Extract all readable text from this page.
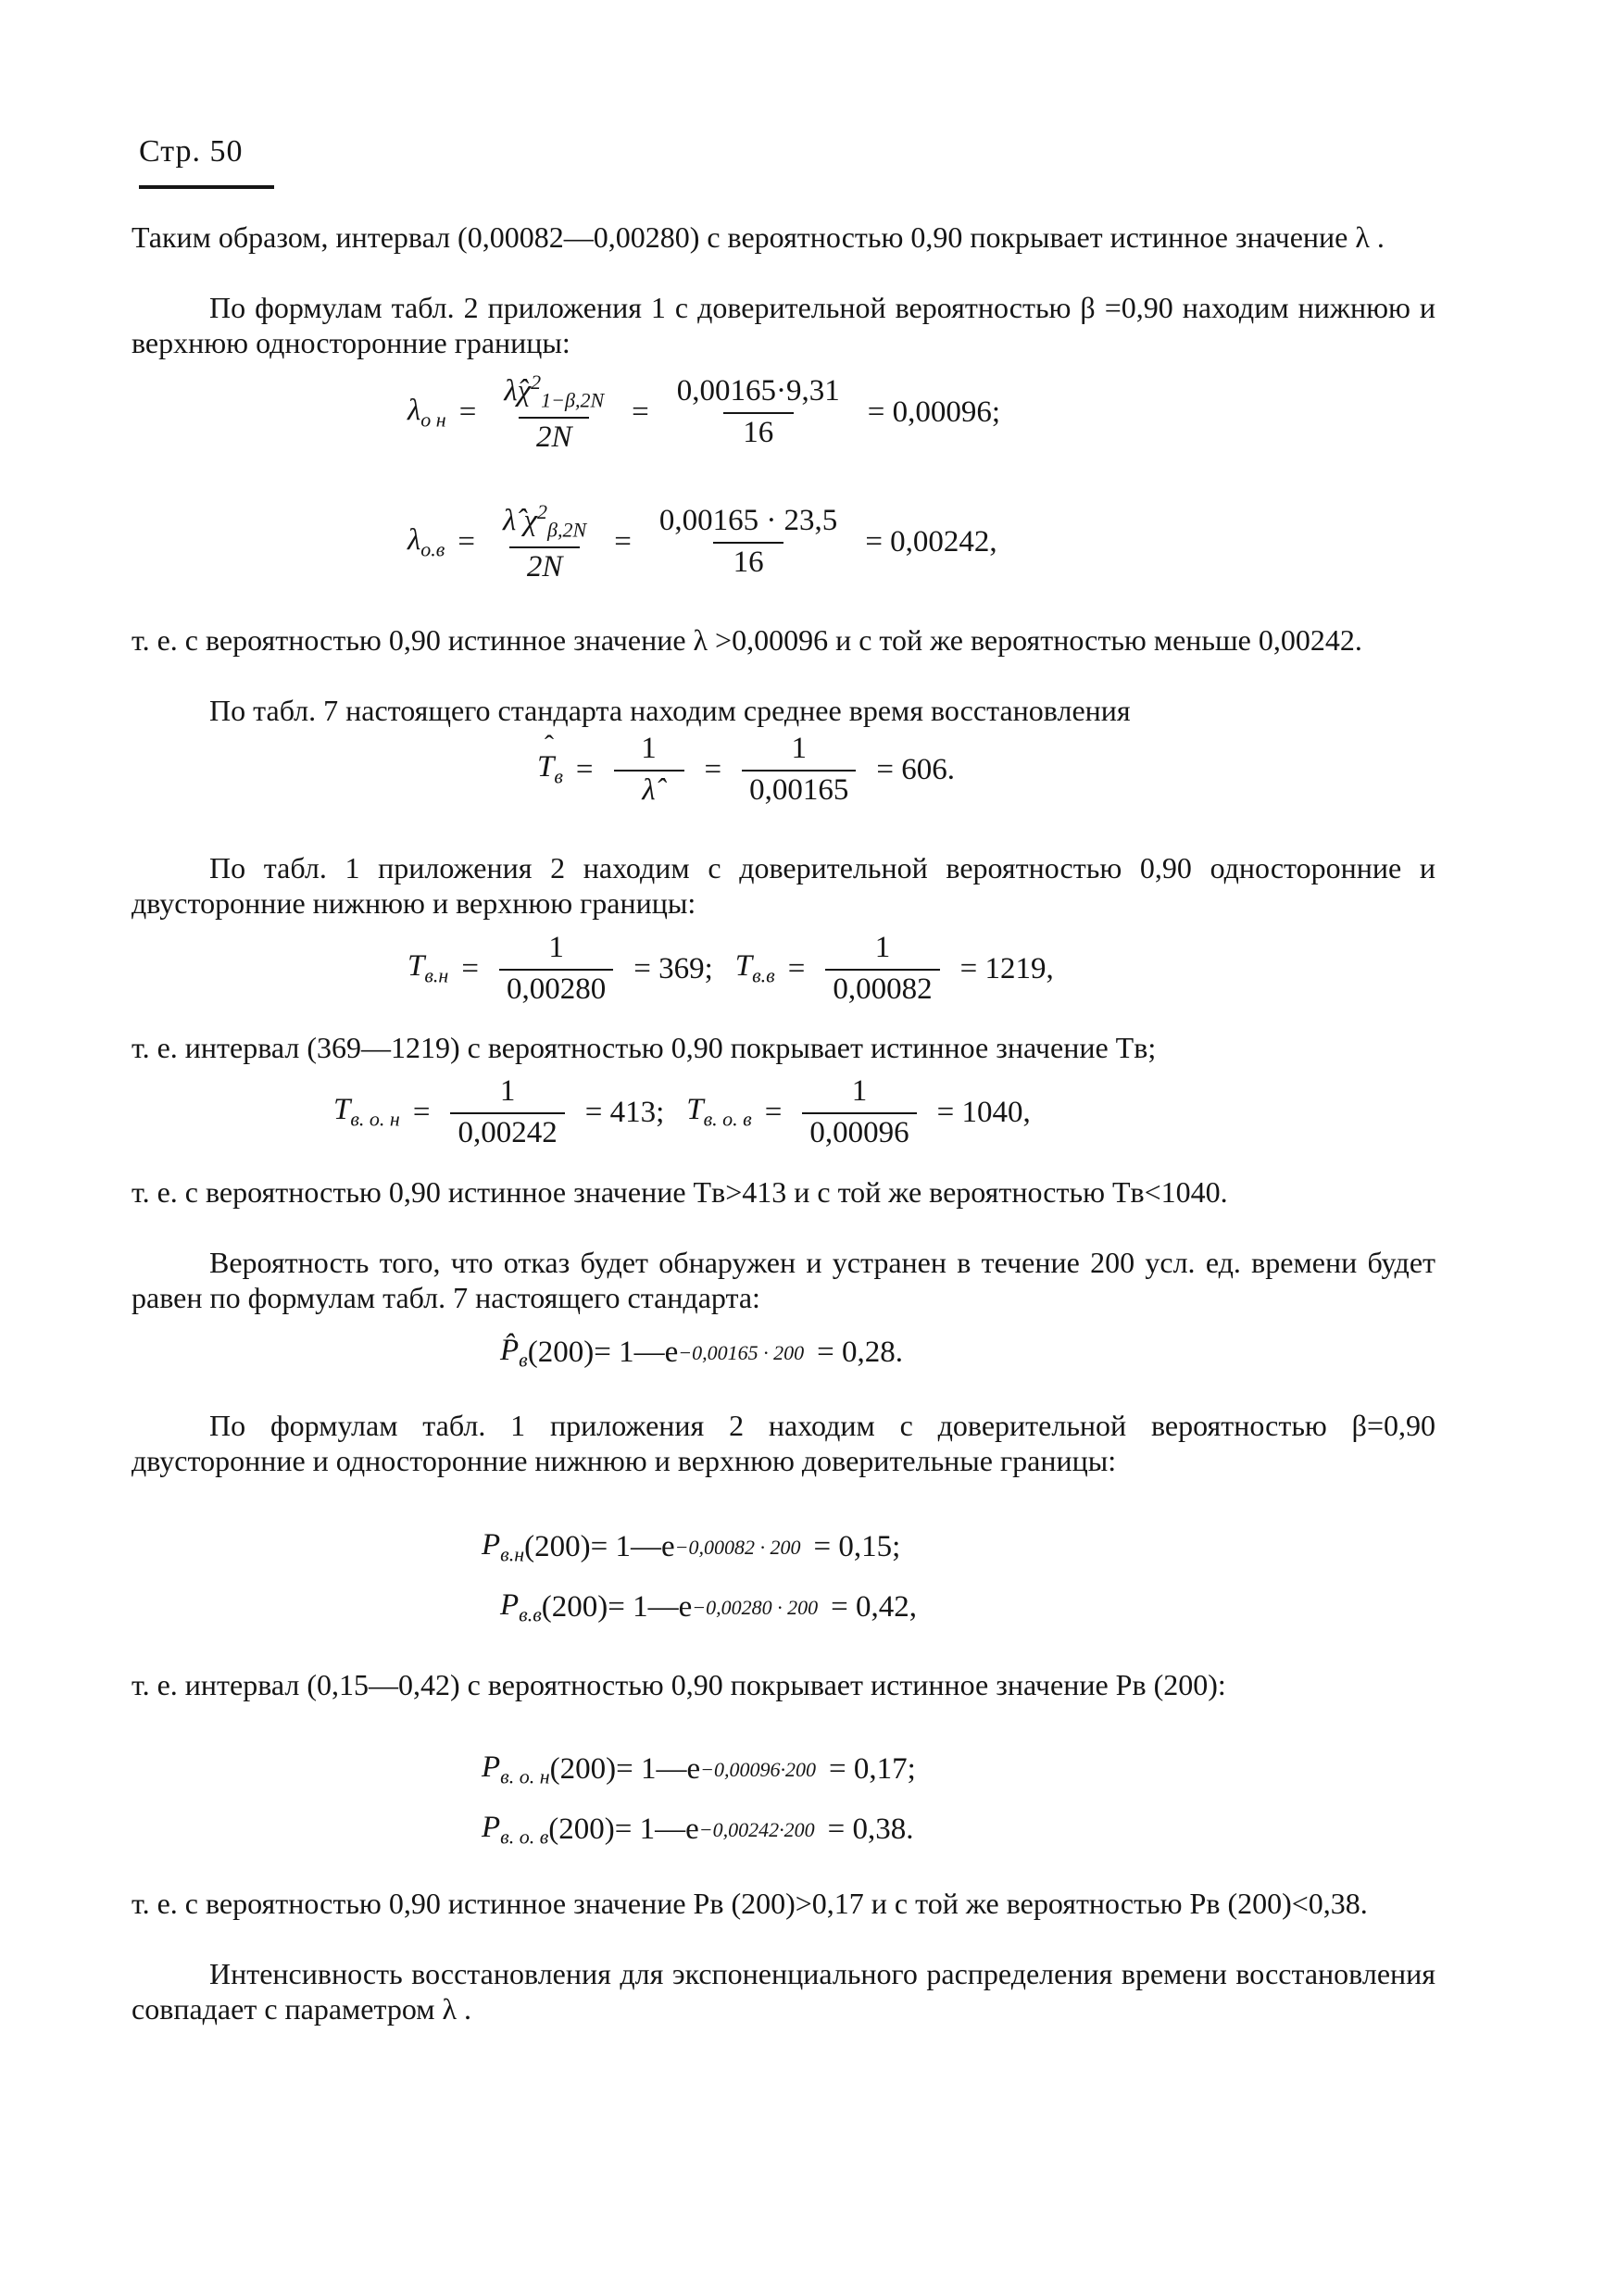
Стр. 50

Таким образом, интервал (0,00082—0,00280) с вероятностью 0,90 покрывает истинное значение λ .

По формулам табл. 2 приложения 1 с доверительной вероятностью β =0,90 находим нижнюю и верхнюю односторонние границы:

$\lambda_{о н} = \frac{\lambdâ\chi^2_{1-\beta,2N}}{2N} = \frac{0,00165\cdot 9,31}{16} = 0,00096$;
$\lambda_{о.в} = \frac{\lambdâ \chi^2_{\beta,2N}}{2N} = \frac{0,00165 \cdot 23,5}{16} = 0,00242$,

т. е. с вероятностью 0,90 истинное значение λ >0,00096 и с той же вероятностью меньше 0,00242.

По табл. 7 настоящего стандарта находим среднее время восстановления

ˆ $T_в = \frac{1}{\lambdâ} = \frac{1}{0,00165} = 606$.

По табл. 1 приложения 2 находим с доверительной вероятностью 0,90 односторонние и двусторонние нижнюю и верхнюю границы:

$T_{в.н} = \frac{1}{0,00280} = 369$; $T_{в.в} = \frac{1}{0,00082} = 1219$,

т. е. интервал (369—1219) с вероятностью 0,90 покрывает истинное значение Tв;

$T_{в. о. н} = \frac{1}{0,00242} = 413$; $T_{в. о. в} = \frac{1}{0,00096} = 1040$,

т. е. с вероятностью 0,90 истинное значение Tв>413 и с той же вероятностью Tв<1040.

Вероятность того, что отказ будет обнаружен и устранен в течение 200 усл. ед. времени будет равен по формулам табл. 7 настоящего стандарта:

$P̂_в$ (200)= 1—e −0,00165 · 200 = 0,28.

По формулам табл. 1 приложения 2 находим с доверительной вероятностью β=0,90 двусторонние и односторонние нижнюю и верхнюю доверительные границы:

$P_{в.н}$ (200)= 1—e −0,00082 · 200 = 0,15;
$P_{в.в}$ (200)= 1—e −0,00280 · 200 = 0,42,

т. е. интервал (0,15—0,42) с вероятностью 0,90 покрывает истинное значение Pв (200):

$P_{в. о. н}$ (200)= 1—e −0,00096·200 = 0,17;
$P_{в. о. в}$ (200)= 1—e −0,00242·200 = 0,38.

т. е. с вероятностью 0,90 истинное значение Pв (200)>0,17 и с той же вероятностью Pв (200)<0,38.

Интенсивность восстановления для экспоненциального распределения времени восстановления совпадает с параметром λ .
